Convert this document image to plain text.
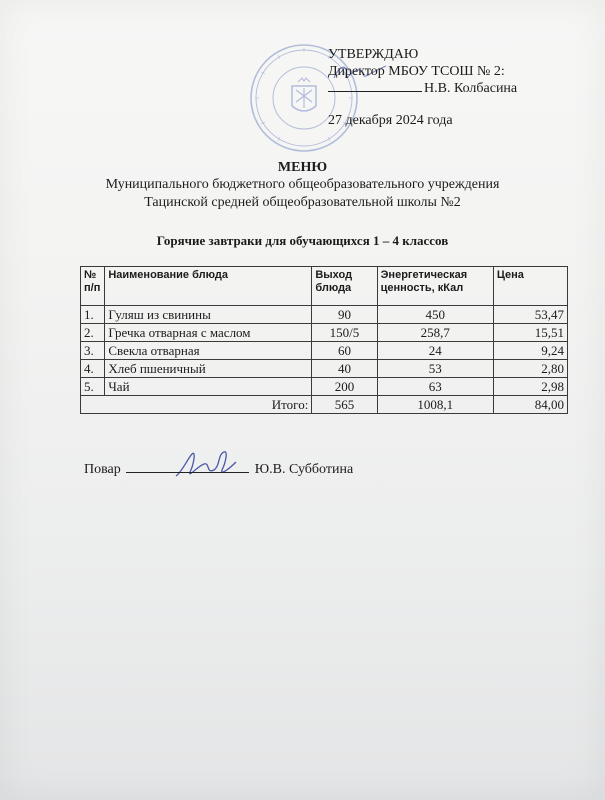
УТВЕРЖДАЮ
Директор МБОУ ТСОШ № 2:
Н.В. Колбасина
27 декабря 2024 года
МЕНЮ
Муниципального бюджетного общеобразовательного учреждения
Тацинской средней общеобразовательной школы №2
Горячие завтраки для обучающихся 1 – 4 классов
№ п/п	Наименование блюда	Выход блюда	Энергетическая ценность, кКал	Цена
1.	Гуляш из свинины	90	450	53,47
2.	Гречка отварная с маслом	150/5	258,7	15,51
3.	Свекла отварная	60	24	9,24
4.	Хлеб пшеничный	40	53	2,80
5.	Чай	200	63	2,98
Итого:		565	1008,1	84,00
Повар	Ю.В. Субботина
